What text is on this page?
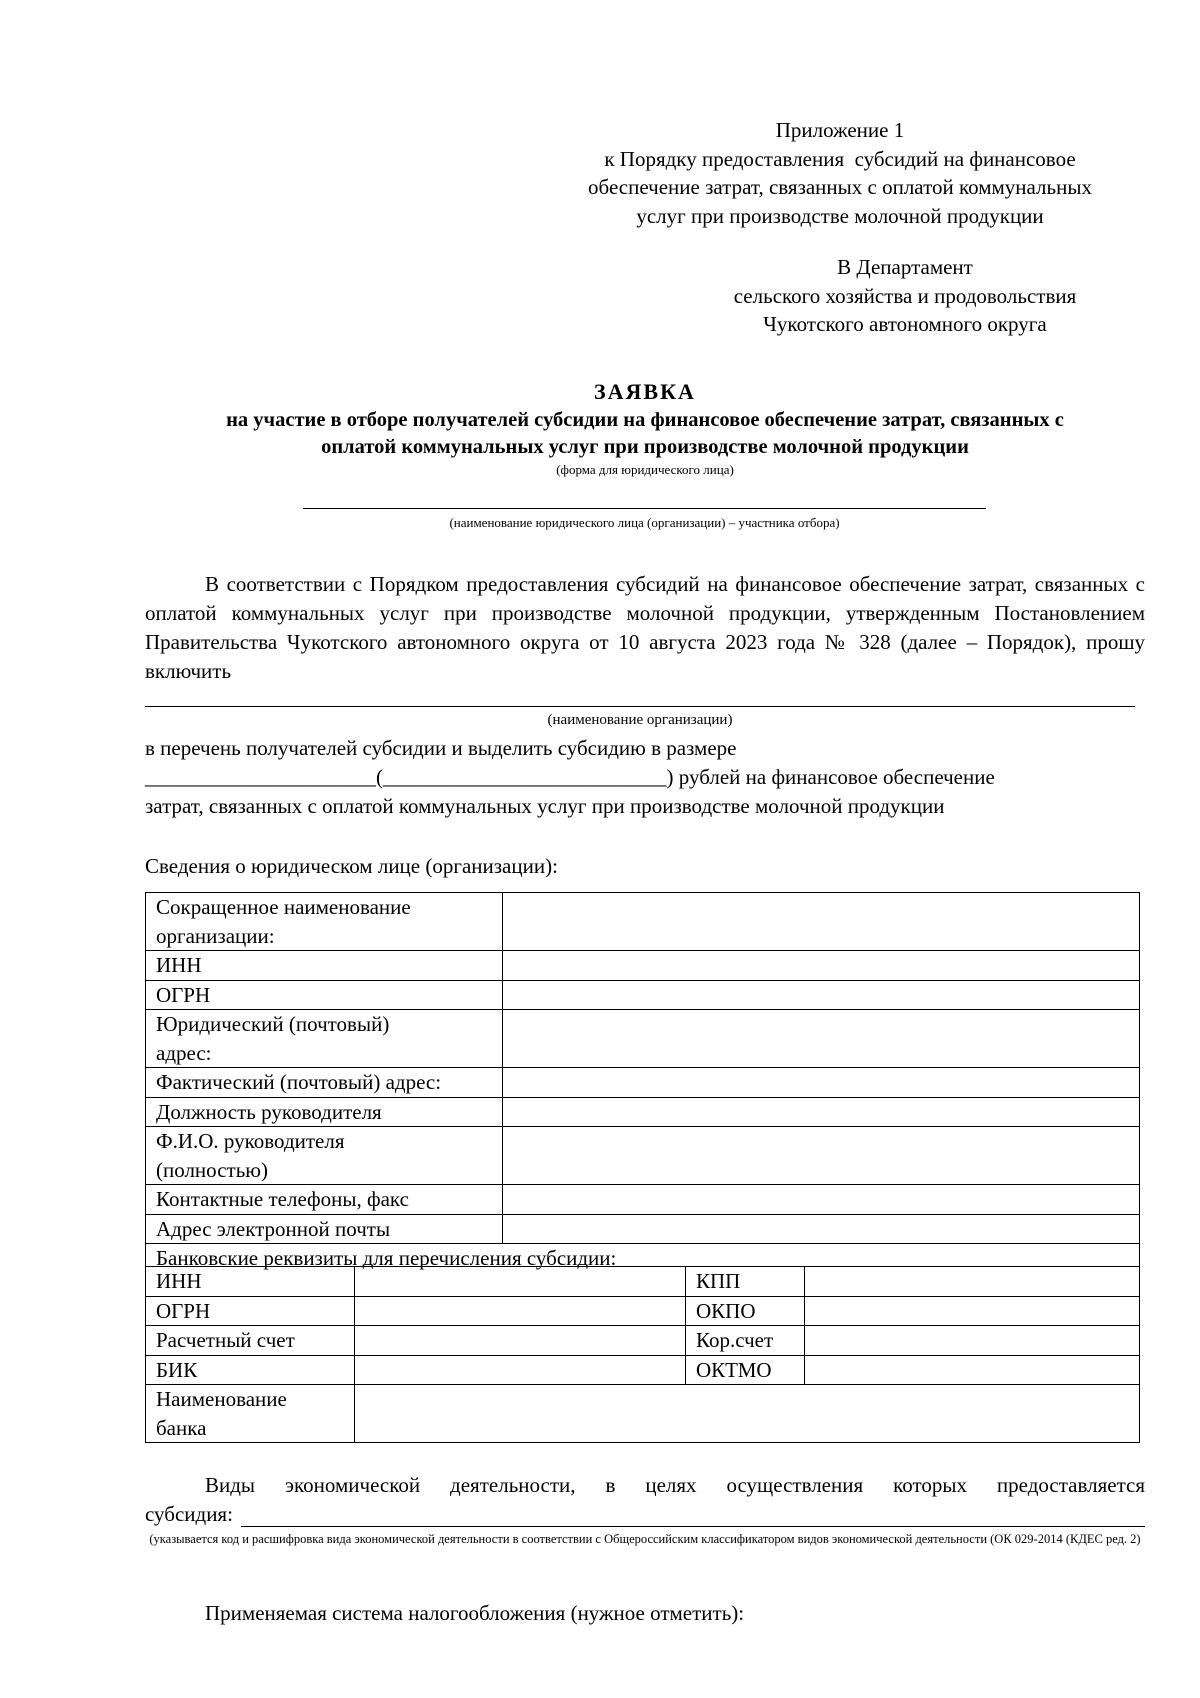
Приложение 1
к Порядку предоставления  субсидий на финансовое
обеспечение затрат, связанных с оплатой коммунальных
услуг при производстве молочной продукции
В Департамент
сельского хозяйства и продовольствия
Чукотского автономного округа
ЗАЯВКА
на участие в отборе получателей субсидии на финансовое обеспечение затрат, связанных с
оплатой коммунальных услуг при производстве молочной продукции
(форма для юридического лица)
(наименование юридического лица (организации) – участника отбора)
В соответствии с Порядком предоставления субсидий на финансовое обеспечение затрат, связанных с оплатой коммунальных услуг при производстве молочной продукции, утвержденным Постановлением Правительства Чукотского автономного округа от 10 августа 2023 года № 328 (далее – Порядок), прошу включить
(наименование организации)
в перечень получателей субсидии и выделить субсидию в размере
______________________(___________________________) рублей на финансовое обеспечение
затрат, связанных с оплатой коммунальных услуг при производстве молочной продукции
Сведения о юридическом лице (организации):
Сокращенное наименование организации:	

ИНН	
ОГРН	

Юридический (почтовый) адрес:	

Фактический (почтовый) адрес:	
Должность руководителя	

Ф.И.О. руководителя (полностью)	

Контактные телефоны, факс	
Адрес электронной почты	
Банковские реквизиты для перечисления субсидии:	
ИНН		КПП	
ОГРН		ОКПО	
Расчетный счет		Кор.счет	
БИК		ОКТМО	

Наименование банка			

Виды экономической деятельности, в целях осуществления которых предоставляется
субсидия:
(указывается код и расшифровка вида экономической деятельности в соответствии с Общероссийским классификатором видов экономической деятельности (ОК 029-2014 (КДЕС ред. 2)
Применяемая система налогообложения (нужное отметить):
